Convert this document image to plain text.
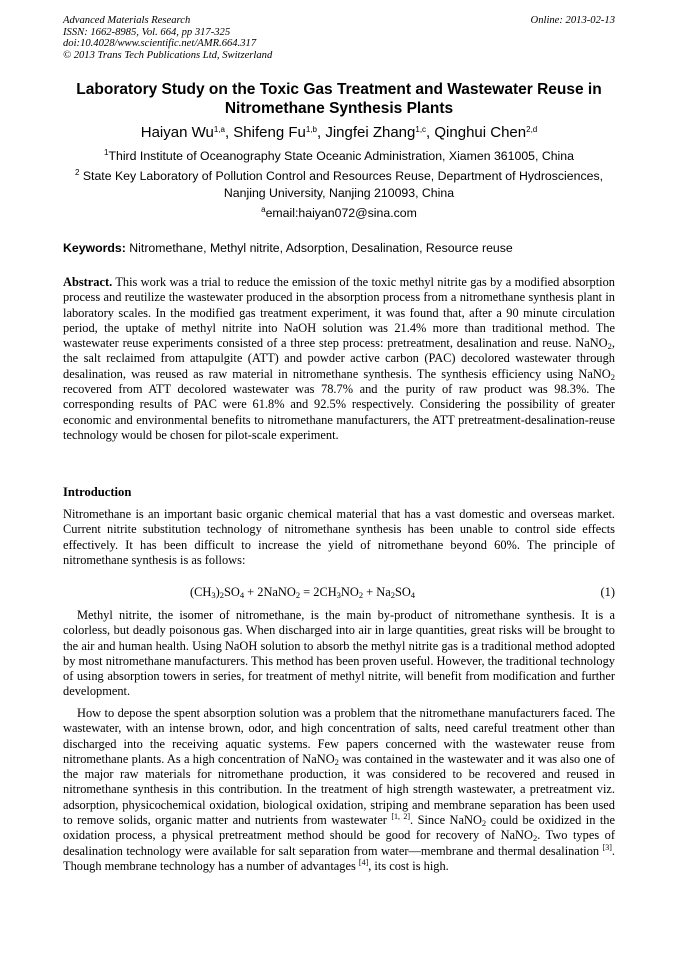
Advanced Materials Research
ISSN: 1662-8985, Vol. 664, pp 317-325
doi:10.4028/www.scientific.net/AMR.664.317
© 2013 Trans Tech Publications Ltd, Switzerland
Online: 2013-02-13
Laboratory Study on the Toxic Gas Treatment and Wastewater Reuse in
Nitromethane Synthesis Plants
Haiyan Wu$^{1,a}$, Shifeng Fu$^{1,b}$, Jingfei Zhang$^{1,c}$, Qinghui Chen$^{2,d}$
$^1$Third Institute of Oceanography State Oceanic Administration, Xiamen 361005, China
$^2$ State Key Laboratory of Pollution Control and Resources Reuse, Department of Hydrosciences,
Nanjing University, Nanjing 210093, China
$^a$email:haiyan072@sina.com
Keywords: Nitromethane, Methyl nitrite, Adsorption, Desalination, Resource reuse
Abstract. This work was a trial to reduce the emission of the toxic methyl nitrite gas by a modified absorption process and reutilize the wastewater produced in the absorption process from a nitromethane synthesis plant in laboratory scales. In the modified gas treatment experiment, it was found that, after a 90 minute circulation period, the uptake of methyl nitrite into NaOH solution was 21.4% more than traditional method. The wastewater reuse experiments consisted of a three step process: pretreatment, desalination and reuse. NaNO$_2$, the salt reclaimed from attapulgite (ATT) and powder active carbon (PAC) decolored wastewater through desalination, was reused as raw material in nitromethane synthesis. The synthesis efficiency using NaNO$_2$ recovered from ATT decolored wastewater was 78.7% and the purity of raw product was 98.3%. The corresponding results of PAC were 61.8% and 92.5% respectively. Considering the possibility of greater economic and environmental benefits to nitromethane manufacturers, the ATT pretreatment-desalination-reuse technology would be chosen for pilot-scale experiment.
Introduction
Nitromethane is an important basic organic chemical material that has a vast domestic and overseas market. Current nitrite substitution technology of nitromethane synthesis has been unable to control side effects effectively. It has been difficult to increase the yield of nitromethane beyond 60%. The principle of nitromethane synthesis is as follows:
$(CH_3)_2SO_4$ + 2NaNO$_2$ = $2CH_3NO_2 + Na_2SO_4$	(1)
Methyl nitrite, the isomer of nitromethane, is the main by-product of nitromethane synthesis. It is a colorless, but deadly poisonous gas. When discharged into air in large quantities, great risks will be brought to the air and human health. Using NaOH solution to absorb the methyl nitrite gas is a traditional method adopted by most nitromethane manufacturers. This method has been proven useful. However, the traditional technology of using absorption towers in series, for treatment of methyl nitrite, will benefit from modification and further development.
How to depose the spent absorption solution was a problem that the nitromethane manufacturers faced. The wastewater, with an intense brown, odor, and high concentration of salts, need careful treatment other than discharged into the receiving aquatic systems. Few papers concerned with the wastewater reuse from nitromethane plants. As a high concentration of NaNO$_2$ was contained in the wastewater and it was also one of the major raw materials for nitromethane production, it was considered to be recovered and reused in nitromethane synthesis in this contribution. In the treatment of high strength wastewater, a pretreatment viz. adsorption, physicochemical oxidation, biological oxidation, striping and membrane separation has been used to remove solids, organic matter and nutrients from wastewater [1, 2]. Since NaNO$_2$ could be oxidized in the oxidation process, a physical pretreatment method should be good for recovery of NaNO$_2$. Two types of desalination technology were available for salt separation from water—membrane and thermal desalination [3]. Though membrane technology has a number of advantages [4], its cost is high.
